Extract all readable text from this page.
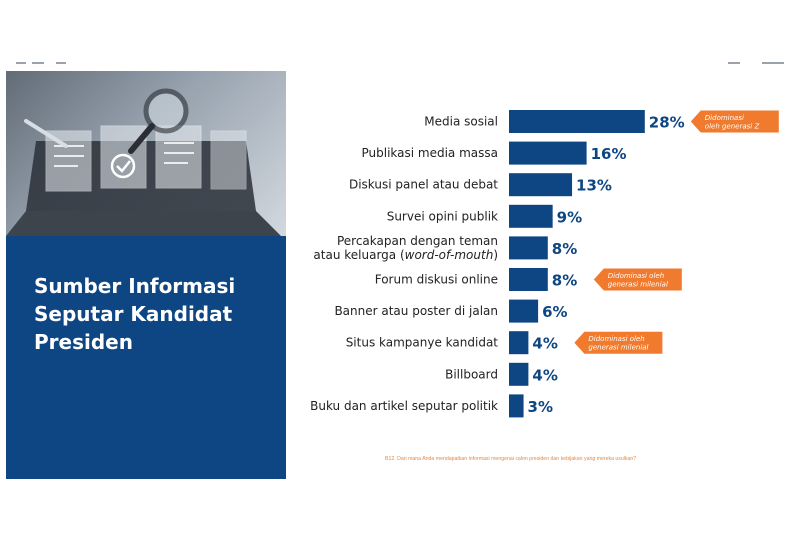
Sumber Informasi Seputar Kandidat Presiden
28%
Media sosial
16%
Publikasi media massa
13%
Diskusi panel atau debat
9%
Survei opini publik
8%
Percakapan dengan teman atau keluarga (word-of-mouth)
8%
Forum diskusi online
6%
Banner atau poster di jalan
4%
Situs kampanye kandidat
4%
Billboard
3%
Buku dan artikel seputar politik
Didominasi oleh generasi Z
Didominasi oleh generasi milenial
Didominasi oleh generasi milenial
B12. Dari mana Anda mendapatkan informasi mengenai calon presiden dan kebijakan yang mereka usulkan?
